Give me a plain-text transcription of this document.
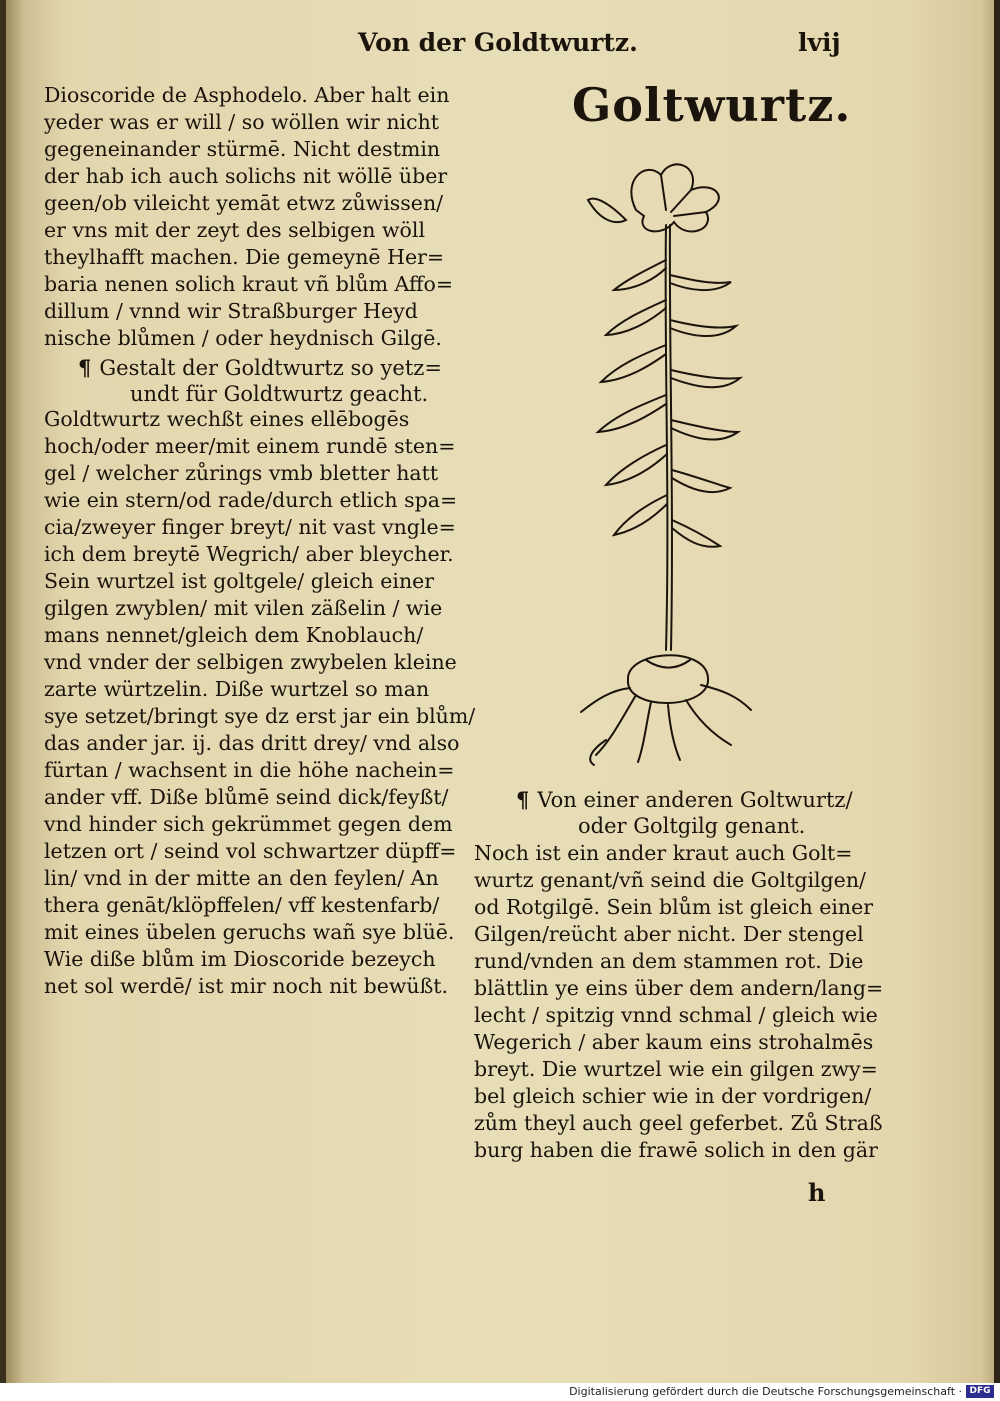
Von der Goldtwurtz.	lvij
Goltwurtz.
Dioscoride de Asphodelo. Aber halt ein
yeder was er will / so wöllen wir nicht
gegeneinander stürmē. Nicht destmin
der hab ich auch solichs nit wöllē über
geen/ob vileicht yemāt etwz zůwissen/
er vns mit der zeyt des selbigen wöll
theylhafft machen. Die gemeynē Her=
baria nenen solich kraut vñ blům Affo=
dillum / vnnd wir Straßburger Heyd
nische blůmen / oder heydnisch Gilgē.
¶ Gestalt der Goldtwurtz so yetz=
undt für Goldtwurtz geacht.
Goldtwurtz wechßt eines ellēbogēs
hoch/oder meer/mit einem rundē sten=
gel / welcher zůrings vmb bletter hatt
wie ein stern/od rade/durch etlich spa=
cia/zweyer finger breyt/ nit vast vngle=
ich dem breytē Wegrich/ aber bleycher.
Sein wurtzel ist goltgele/ gleich einer
gilgen zwyblen/ mit vilen zäßelin / wie
mans nennet/gleich dem Knoblauch/
vnd vnder der selbigen zwybelen kleine
zarte würtzelin. Diße wurtzel so man
sye setzet/bringt sye dz erst jar ein blům/
das ander jar. ij. das dritt drey/ vnd also
fürtan / wachsent in die höhe nachein=
ander vff. Diße blůmē seind dick/feyßt/
vnd hinder sich gekrümmet gegen dem
letzen ort / seind vol schwartzer düpff=
lin/ vnd in der mitte an den feylen/ An
thera genāt/klöpffelen/ vff kestenfarb/
mit eines übelen geruchs wañ sye blüē.
Wie diße blům im Dioscoride bezeych
net sol werdē/ ist mir noch nit bewüßt.
¶ Von einer anderen Goltwurtz/
oder Goltgilg genant.
Noch ist ein ander kraut auch Golt=
wurtz genant/vñ seind die Goltgilgen/
od Rotgilgē. Sein blům ist gleich einer
Gilgen/reücht aber nicht. Der stengel
rund/vnden an dem stammen rot. Die
blättlin ye eins über dem andern/lang=
lecht / spitzig vnnd schmal / gleich wie
Wegerich / aber kaum eins strohalmēs
breyt. Die wurtzel wie ein gilgen zwy=
bel gleich schier wie in der vordrigen/
zům theyl auch geel geferbet. Zů Straß
burg haben die frawē solich in den gär
h
Digitalisierung gefördert durch die Deutsche Forschungsgemeinschaft · DFG
